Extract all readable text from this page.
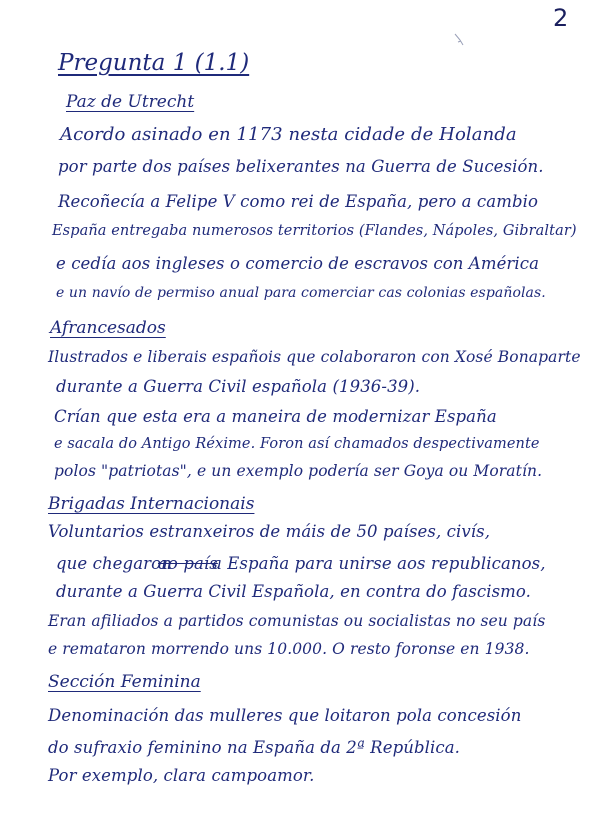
2
Pregunta 1 (1.1)
Paz de Utrecht
Acordo asinado en 1173 nesta cidade de Holanda
por parte dos países belixerantes na Guerra de Sucesión.
Recoñecía a Felipe V como rei de España, pero a cambio
España entregaba numerosos territorios (Flandes, Nápoles, Gibraltar)
e cedía aos ingleses o comercio de escravos con América
e un navío de permiso anual para comerciar cas colonias españolas.
Afrancesados
Ilustrados e liberais españois que colaboraron con Xosé Bonaparte
durante a Guerra Civil española (1936-39).
Crían que esta era a maneira de modernizar España
e sacala do Antigo Réxime. Foron así chamados despectivamente
polos "patriotas", e un exemplo podería ser Goya ou Moratín.
Brigadas Internacionais
Voluntarios estranxeiros de máis de 50 países, civís,
que chegaron
ao país
a España para unirse aos republicanos,
durante a Guerra Civil Española, en contra do fascismo.
Eran afiliados a partidos comunistas ou socialistas no seu país
e remataron morrendo uns 10.000. O resto foronse en 1938.
Sección Feminina
Denominación das mulleres que loitaron pola concesión
do sufraxio feminino na España da 2ª República.
Por exemplo, clara campoamor.
